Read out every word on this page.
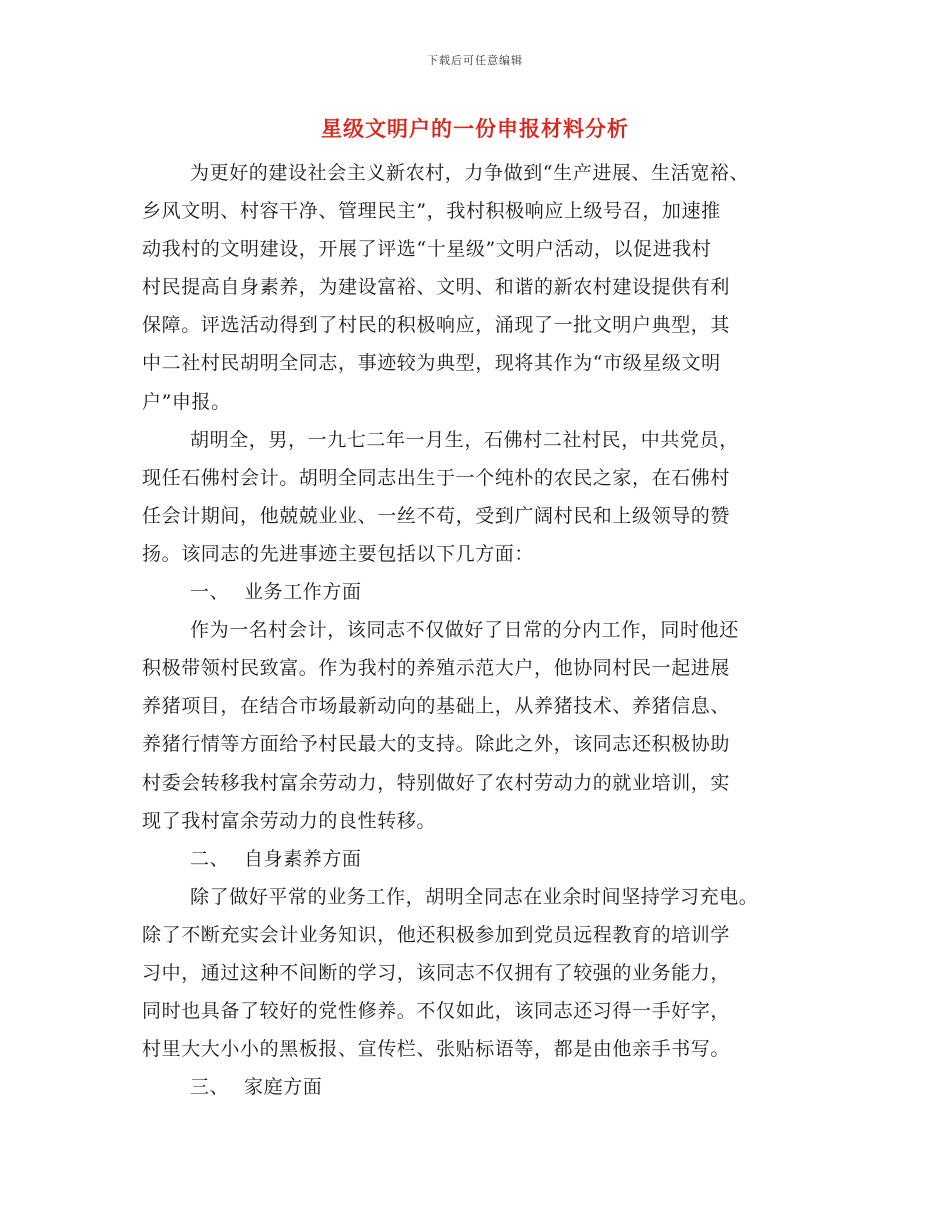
下载后可任意编辑
星级文明户的一份申报材料分析
为更好的建设社会主义新农村，力争做到“生产进展、生活宽裕、
乡风文明、村容干净、管理民主”，我村积极响应上级号召，加速推
动我村的文明建设，开展了评选“十星级”文明户活动，以促进我村
村民提高自身素养，为建设富裕、文明、和谐的新农村建设提供有利
保障。评选活动得到了村民的积极响应，涌现了一批文明户典型，其
中二社村民胡明全同志，事迹较为典型，现将其作为“市级星级文明
户”申报。
胡明全，男，一九七二年一月生，石佛村二社村民，中共党员，
现任石佛村会计。胡明全同志出生于一个纯朴的农民之家，在石佛村
任会计期间，他兢兢业业、一丝不苟，受到广阔村民和上级领导的赞
扬。该同志的先进事迹主要包括以下几方面：
一、 业务工作方面
作为一名村会计，该同志不仅做好了日常的分内工作，同时他还
积极带领村民致富。作为我村的养殖示范大户，他协同村民一起进展
养猪项目，在结合市场最新动向的基础上，从养猪技术、养猪信息、
养猪行情等方面给予村民最大的支持。除此之外，该同志还积极协助
村委会转移我村富余劳动力，特别做好了农村劳动力的就业培训，实
现了我村富余劳动力的良性转移。
二、 自身素养方面
除了做好平常的业务工作，胡明全同志在业余时间坚持学习充电。
除了不断充实会计业务知识，他还积极参加到党员远程教育的培训学
习中，通过这种不间断的学习，该同志不仅拥有了较强的业务能力，
同时也具备了较好的党性修养。不仅如此，该同志还习得一手好字，
村里大大小小的黑板报、宣传栏、张贴标语等，都是由他亲手书写。
三、 家庭方面
